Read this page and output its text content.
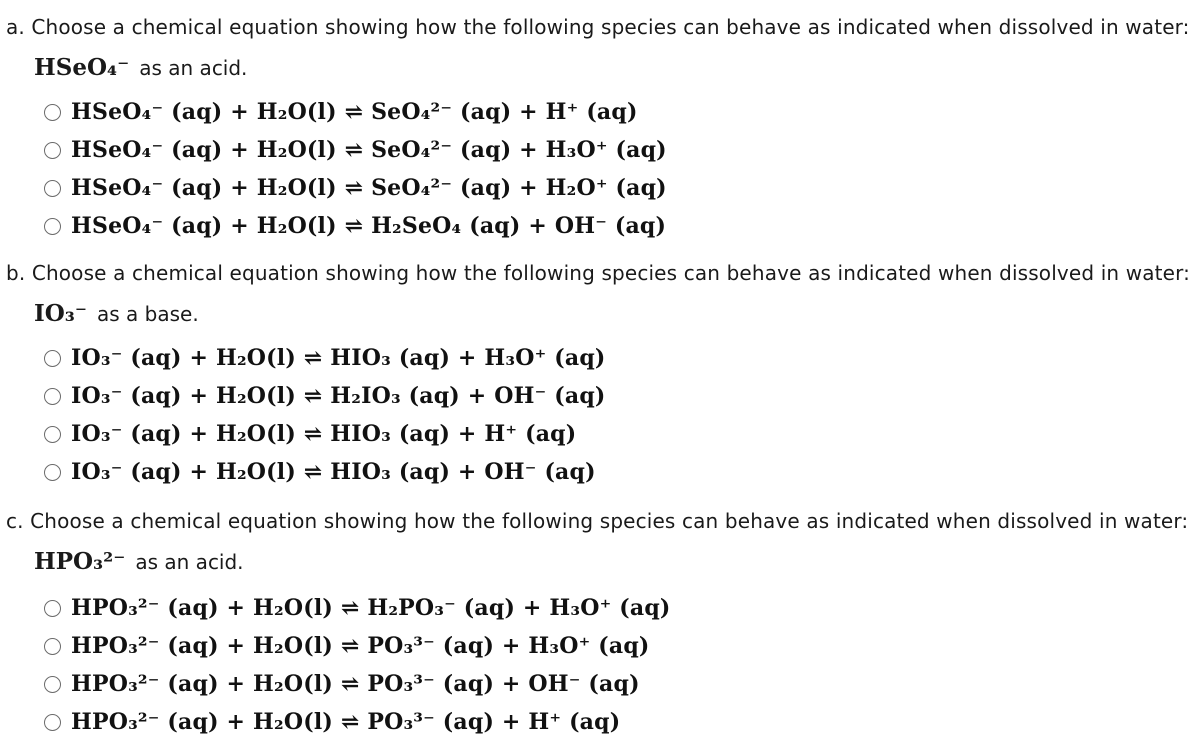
a. Choose a chemical equation showing how the following species can behave as indicated when dissolved in water:
HSeO₄⁻ as an acid.
HSeO₄⁻ (aq) + H₂O(l) ⇌ SeO₄²⁻ (aq) + H⁺ (aq)
HSeO₄⁻ (aq) + H₂O(l) ⇌ SeO₄²⁻ (aq) + H₃O⁺ (aq)
HSeO₄⁻ (aq) + H₂O(l) ⇌ SeO₄²⁻ (aq) + H₂O⁺ (aq)
HSeO₄⁻ (aq) + H₂O(l) ⇌ H₂SeO₄ (aq) + OH⁻ (aq)
b. Choose a chemical equation showing how the following species can behave as indicated when dissolved in water:
IO₃⁻ as a base.
IO₃⁻ (aq) + H₂O(l) ⇌ HIO₃ (aq) + H₃O⁺ (aq)
IO₃⁻ (aq) + H₂O(l) ⇌ H₂IO₃ (aq) + OH⁻ (aq)
IO₃⁻ (aq) + H₂O(l) ⇌ HIO₃ (aq) + H⁺ (aq)
IO₃⁻ (aq) + H₂O(l) ⇌ HIO₃ (aq) + OH⁻ (aq)
c. Choose a chemical equation showing how the following species can behave as indicated when dissolved in water:
HPO₃²⁻ as an acid.
HPO₃²⁻ (aq) + H₂O(l) ⇌ H₂PO₃⁻ (aq) + H₃O⁺ (aq)
HPO₃²⁻ (aq) + H₂O(l) ⇌ PO₃³⁻ (aq) + H₃O⁺ (aq)
HPO₃²⁻ (aq) + H₂O(l) ⇌ PO₃³⁻ (aq) + OH⁻ (aq)
HPO₃²⁻ (aq) + H₂O(l) ⇌ PO₃³⁻ (aq) + H⁺ (aq)
